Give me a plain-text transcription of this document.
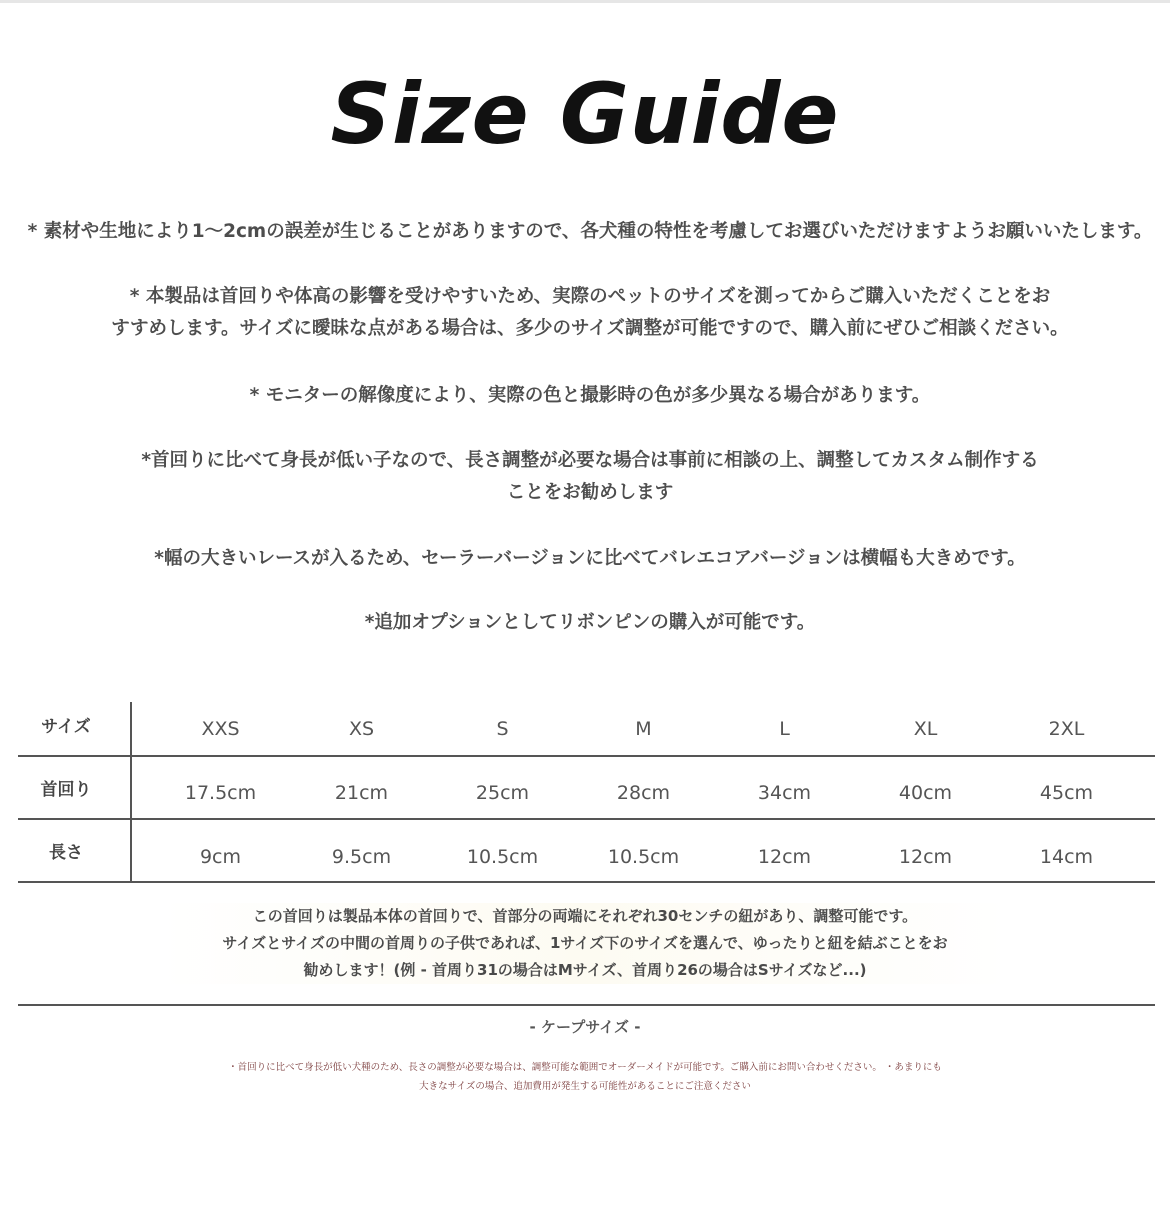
Size Guide
* 素材や生地により1〜2cmの誤差が生じることがありますので、各犬種の特性を考慮してお選びいただけますようお願いいたします。
* 本製品は首回りや体高の影響を受けやすいため、実際のペットのサイズを測ってからご購入いただくことをお
すすめします。サイズに曖昧な点がある場合は、多少のサイズ調整が可能ですので、購入前にぜひご相談ください。
* モニターの解像度により、実際の色と撮影時の色が多少異なる場合があります。
*首回りに比べて身長が低い子なので、長さ調整が必要な場合は事前に相談の上、調整してカスタム制作する
ことをお勧めします
*幅の大きいレースが入るため、セーラーバージョンに比べてバレエコアバージョンは横幅も大きめです。
*追加オプションとしてリボンピンの購入が可能です。
サイズ	XXS	XS	S	M	L	XL	2XL
首回り	17.5cm	21cm	25cm	28cm	34cm	40cm	45cm
長さ	9cm	9.5cm	10.5cm	10.5cm	12cm	12cm	14cm
この首回りは製品本体の首回りで、首部分の両端にそれぞれ30センチの紐があり、調整可能です。
サイズとサイズの中間の首周りの子供であれば、1サイズ下のサイズを選んで、ゆったりと紐を結ぶことをお
勧めします！(例 - 首周り31の場合はMサイズ、首周り26の場合はSサイズなど...)
- ケープサイズ -
・首回りに比べて身長が低い犬種のため、長さの調整が必要な場合は、調整可能な範囲でオーダーメイドが可能です。ご購入前にお問い合わせください。 ・あまりにも
大きなサイズの場合、追加費用が発生する可能性があることにご注意ください
